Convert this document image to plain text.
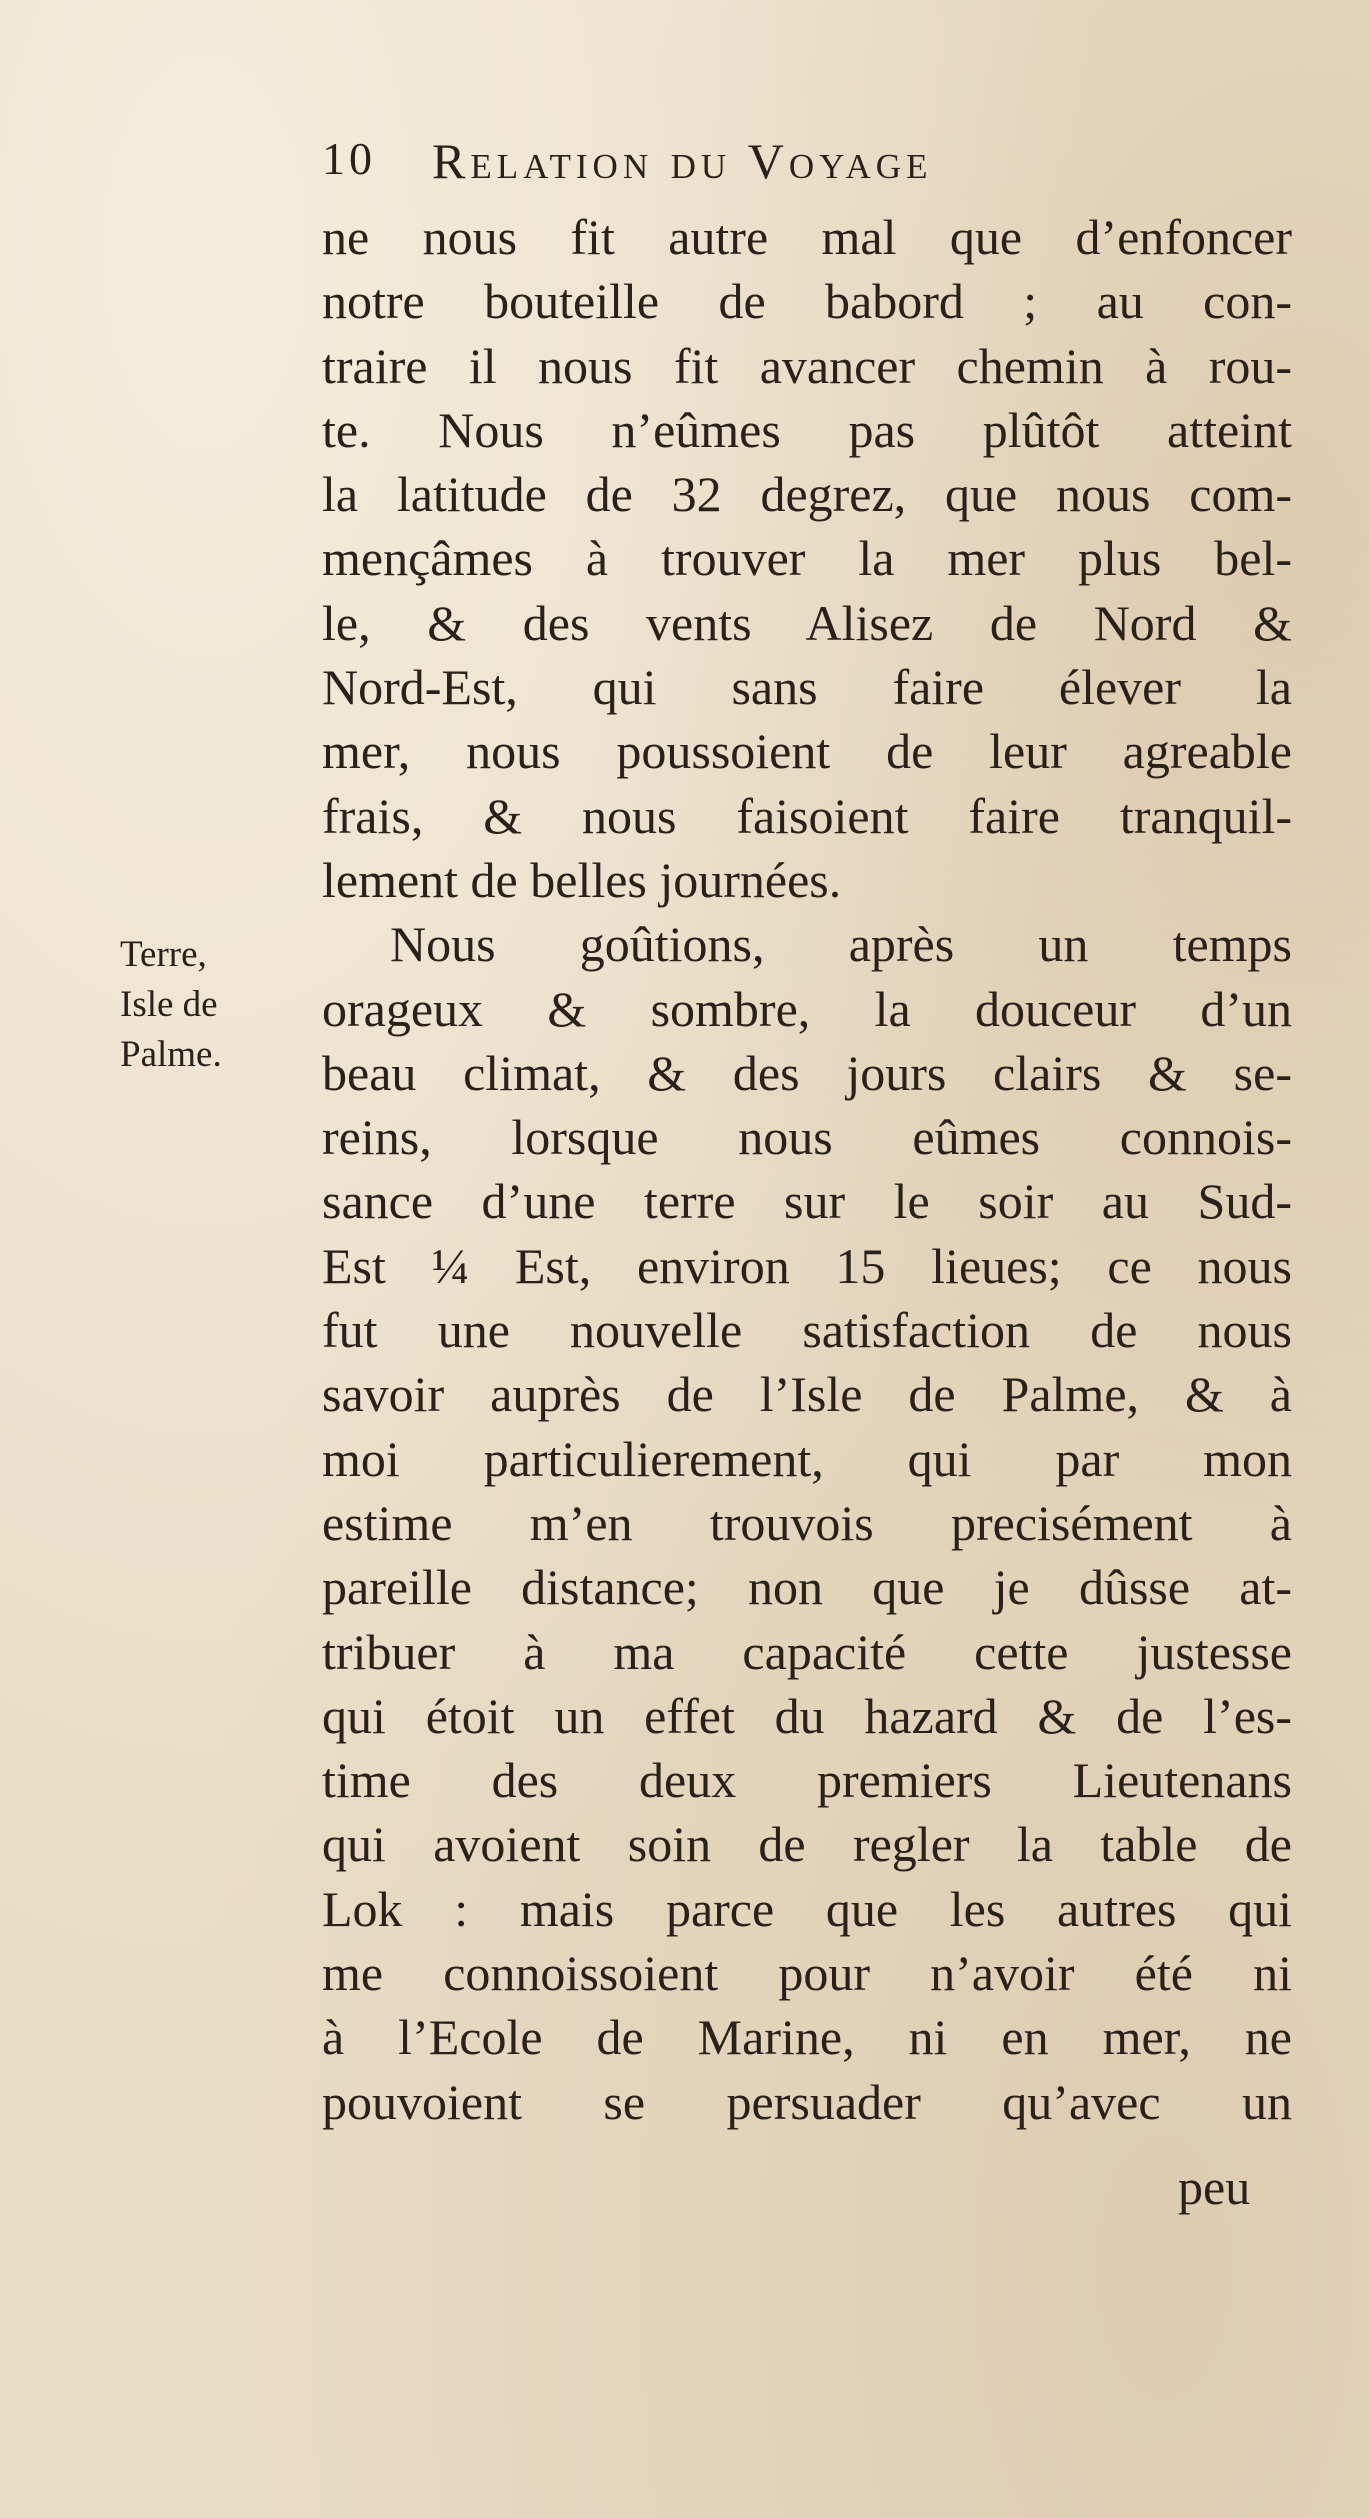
10 Relation du Voyage
Terre,
Isle de
Palme.
ne nous fit autre mal que d’enfoncer
notre bouteille de babord ; au con-
traire il nous fit avancer chemin à rou-
te. Nous n’eûmes pas plûtôt atteint
la latitude de 32 degrez, que nous com-
mençâmes à trouver la mer plus bel-
le, & des vents Alisez de Nord &
Nord-Est, qui sans faire élever la
mer, nous poussoient de leur agreable
frais, & nous faisoient faire tranquil-
lement de belles journées.
Nous goûtions, après un temps
orageux & sombre, la douceur d’un
beau climat, & des jours clairs & se-
reins, lorsque nous eûmes connois-
sance d’une terre sur le soir au Sud-
Est ¼ Est, environ 15 lieues; ce nous
fut une nouvelle satisfaction de nous
savoir auprès de l’Isle de Palme, & à
moi particulierement, qui par mon
estime m’en trouvois precisément à
pareille distance; non que je dûsse at-
tribuer à ma capacité cette justesse
qui étoit un effet du hazard & de l’es-
time des deux premiers Lieutenans
qui avoient soin de regler la table de
Lok : mais parce que les autres qui
me connoissoient pour n’avoir été ni
à l’Ecole de Marine, ni en mer, ne
pouvoient se persuader qu’avec un
peu
